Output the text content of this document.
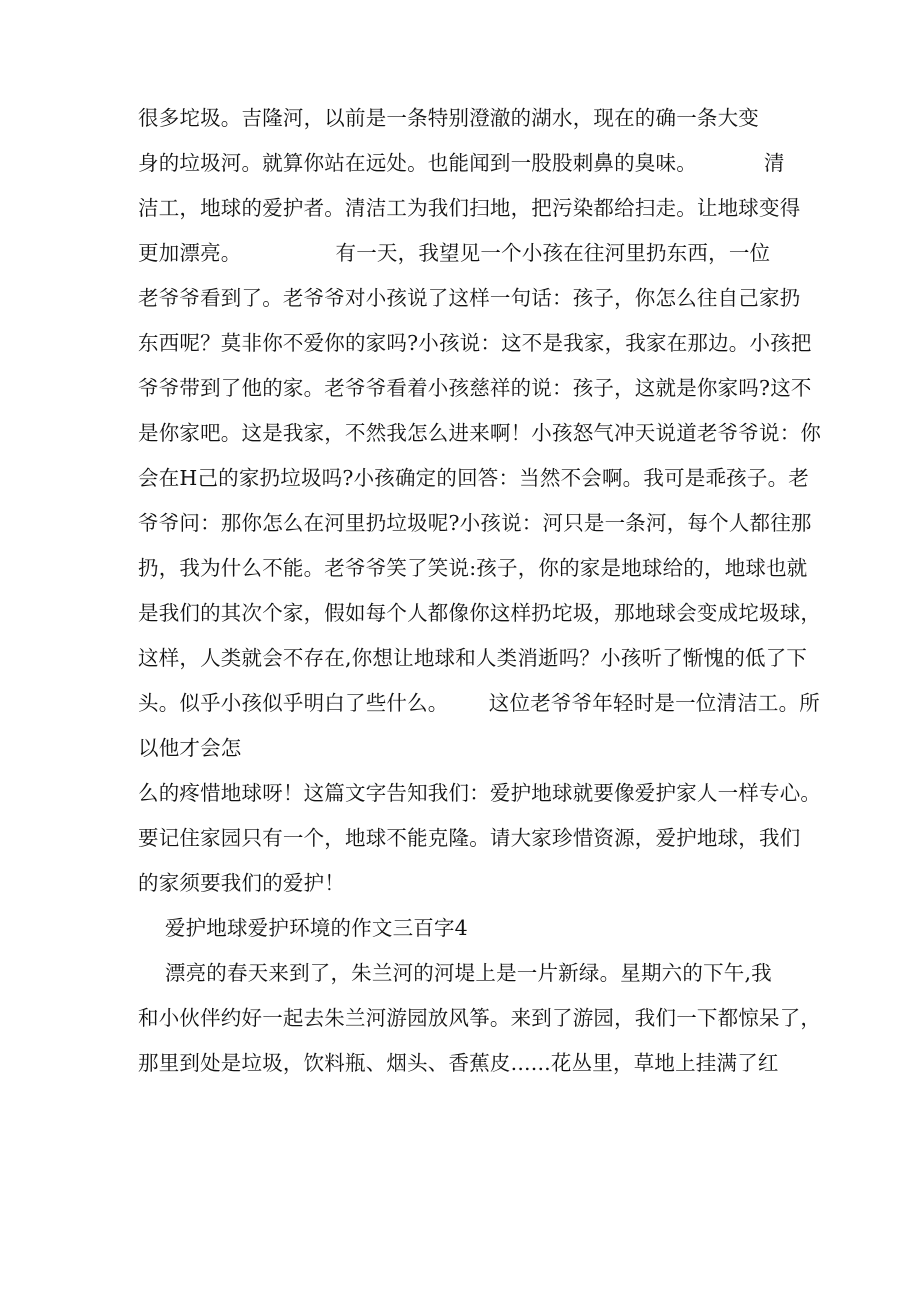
很多坨圾。吉隆河，以前是一条特别澄澈的湖水，现在的确一条大变
身的垃圾河。就算你站在远处。也能闻到一股股刺鼻的臭味。          清
洁工，地球的爱护者。清洁工为我们扫地，把污染都给扫走。让地球变得
更加漂亮。              有一天，我望见一个小孩在往河里扔东西，一位
老爷爷看到了。老爷爷对小孩说了这样一句话：孩子，你怎么往自己家扔
东西呢？莫非你不爱你的家吗?小孩说：这不是我家，我家在那边。小孩把
爷爷带到了他的家。老爷爷看着小孩慈祥的说：孩子，这就是你家吗?这不
是你家吧。这是我家，不然我怎么进来啊！小孩怒气冲天说道老爷爷说：你
会在H己的家扔垃圾吗?小孩确定的回答：当然不会啊。我可是乖孩子。老
爷爷问：那你怎么在河里扔垃圾呢?小孩说：河只是一条河，每个人都往那
扔，我为什么不能。老爷爷笑了笑说:孩子，你的家是地球给的，地球也就
是我们的其次个家，假如每个人都像你这样扔坨圾，那地球会变成坨圾球，
这样，人类就会不存在,你想让地球和人类消逝吗？小孩听了惭愧的低了下
头。似乎小孩似乎明白了些什么。      这位老爷爷年轻时是一位清洁工。所
以他才会怎
么的疼惜地球呀！这篇文字告知我们：爱护地球就要像爱护家人一样专心。
要记住家园只有一个，地球不能克隆。请大家珍惜资源，爱护地球，我们
的家须要我们的爱护！
爱护地球爱护环境的作文三百字4
漂亮的春天来到了，朱兰河的河堤上是一片新绿。星期六的下午,我
和小伙伴约好一起去朱兰河游园放风筝。来到了游园，我们一下都惊呆了，
那里到处是垃圾，饮料瓶、烟头、香蕉皮......花丛里，草地上挂满了红
